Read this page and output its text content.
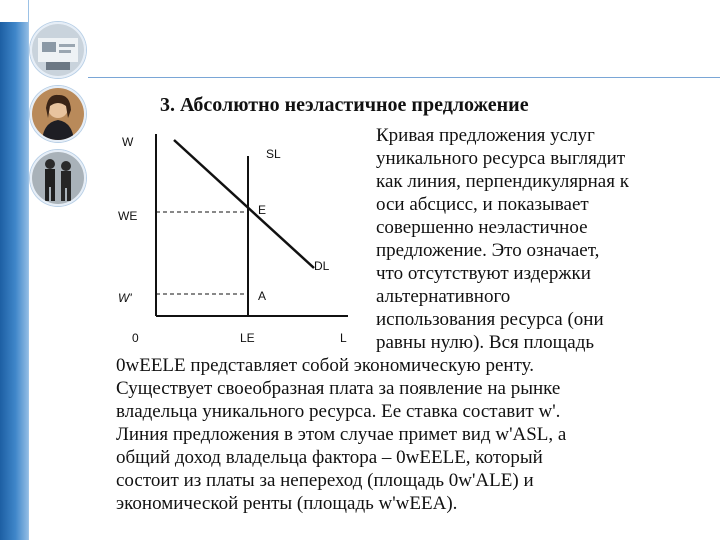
3. Абсолютно неэластичное предложение
W
0	L
WE
W'
LE
SL
DL
E
A
Кривая предложения услуг
уникального ресурса выглядит
как линия, перпендикулярная к
оси абсцисс, и показывает
совершенно неэластичное
предложение. Это означает,
что отсутствуют издержки
альтернативного
использования ресурса (они
равны нулю). Вся площадь
0wEELE представляет собой экономическую ренту.
Существует своеобразная плата за появление на рынке
владельца уникального ресурса. Ее ставка составит w'.
Линия предложения в этом случае примет вид w'ASL, а
общий доход владельца фактора – 0wEELE, который
состоит из платы за непереход (площадь 0w'ALE) и
экономической ренты (площадь w'wEEA).
